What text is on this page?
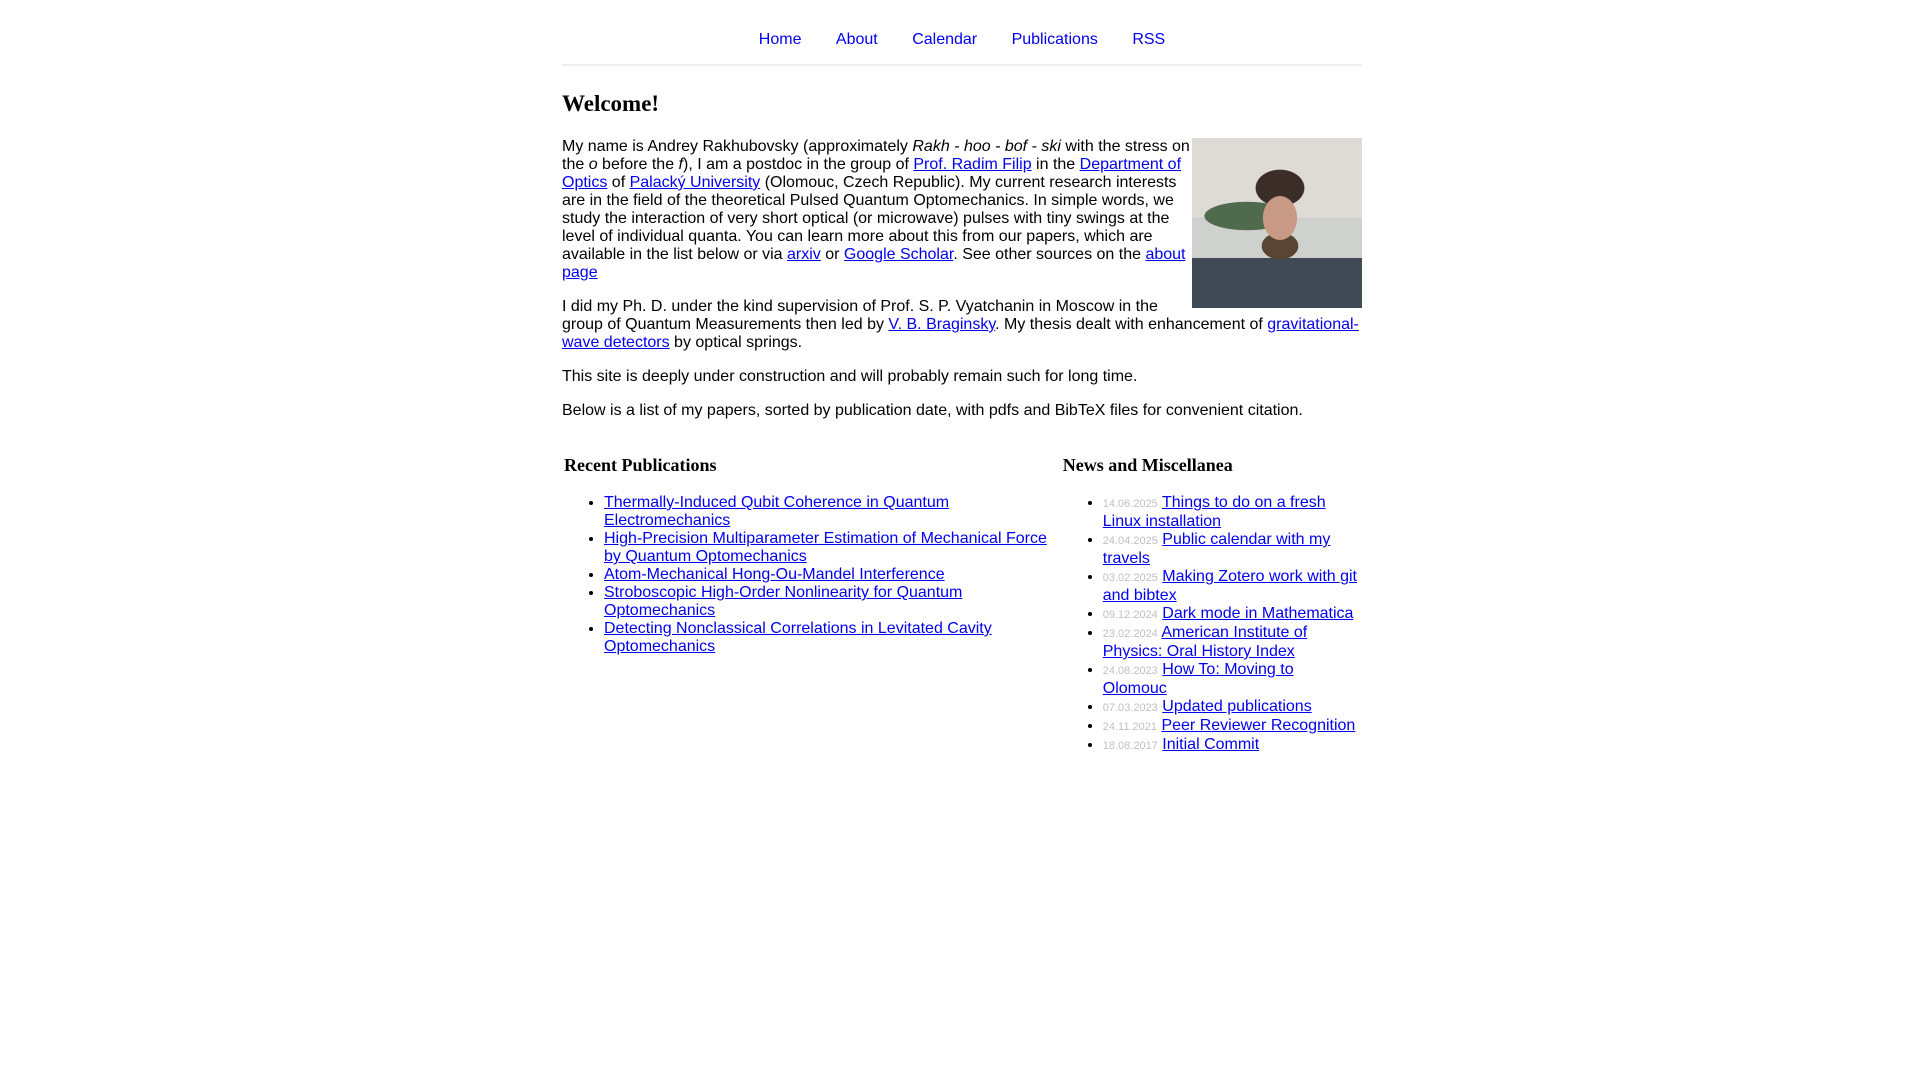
Home About Calendar Publications RSS
Welcome!

My name is Andrey Rakhubovsky (approximately Rakh - hoo - bof - ski with the stress on the o before the f), I am a postdoc in the group of Prof. Radim Filip in the Department of Optics of Palacký University (Olomouc, Czech Republic). My current research interests are in the field of the theoretical Pulsed Quantum Optomechanics. In simple words, we study the interaction of very short optical (or microwave) pulses with tiny swings at the level of individual quanta. You can learn more about this from our papers, which are available in the list below or via arxiv or Google Scholar. See other sources on the about page

I did my Ph. D. under the kind supervision of Prof. S. P. Vyatchanin in Moscow in the group of Quantum Measurements then led by V. B. Braginsky. My thesis dealt with enhancement of gravitational-wave detectors by optical springs.

This site is deeply under construction and will probably remain such for long time.

Below is a list of my papers, sorted by publication date, with pdfs and BibTeX files for convenient citation.

Recent Publications
• Thermally-Induced Qubit Coherence in Quantum Electromechanics
• High-Precision Multiparameter Estimation of Mechanical Force by Quantum Optomechanics
• Atom-Mechanical Hong-Ou-Mandel Interference
• Stroboscopic High-Order Nonlinearity for Quantum Optomechanics
• Detecting Nonclassical Correlations in Levitated Cavity Optomechanics
News and Miscellanea
• 14.06.2025 Things to do on a fresh Linux installation
• 24.04.2025 Public calendar with my travels
• 03.02.2025 Making Zotero work with git and bibtex
• 09.12.2024 Dark mode in Mathematica
• 23.02.2024 American Institute of Physics: Oral History Index
• 24.08.2023 How To: Moving to Olomouc
• 07.03.2023 Updated publications
• 24.11.2021 Peer Reviewer Recognition
• 18.08.2017 Initial Commit
